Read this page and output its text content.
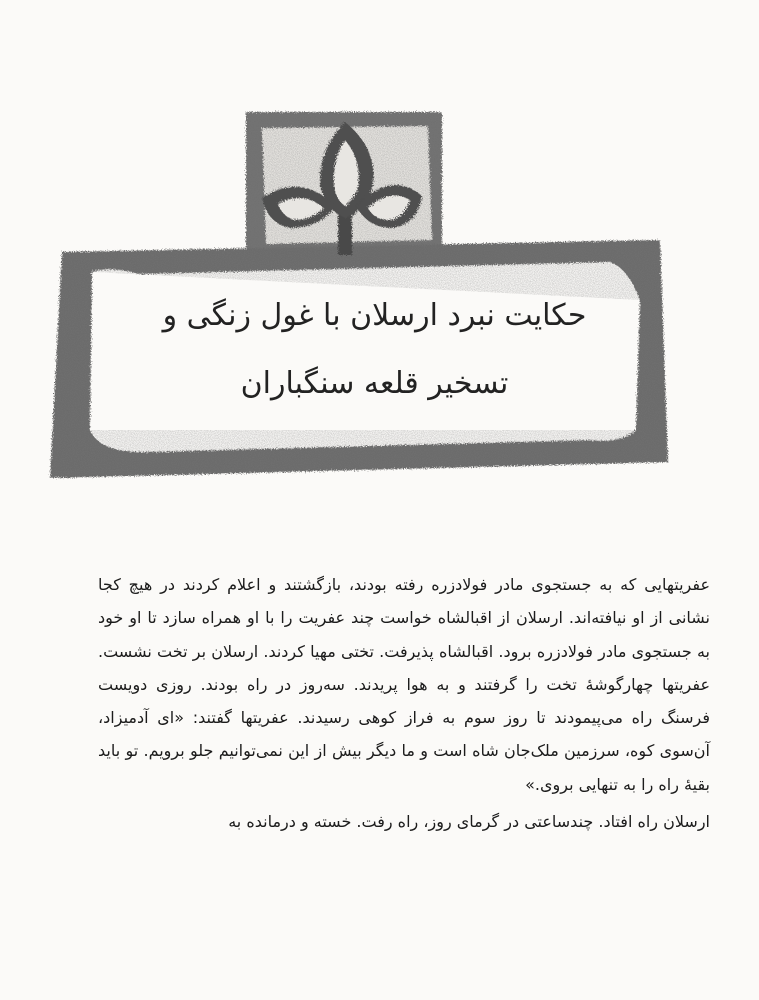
حکایت نبرد ارسلان با غول زنگی و
تسخیر قلعه سنگباران

عفریتهایی که به جستجوی مادر فولادزره رفته بودند، بازگشتند و اعلام کردند در هیچ کجا نشانی از او نیافته‌اند. ارسلان از اقبالشاه خواست چند عفریت را با او همراه سازد تا او خود به جستجوی مادر فولادزره برود. اقبالشاه پذیرفت. تختی مهیا کردند. ارسلان بر تخت نشست. عفریتها چهارگوشهٔ تخت را گرفتند و به هوا پریدند. سه‌روز در راه بودند. روزی دویست فرسنگ راه می‌پیمودند تا روز سوم به فراز کوهی رسیدند. عفریتها گفتند: «ای آدمیزاد، آن‌سوی کوه، سرزمین ملک‌جان شاه است و ما دیگر بیش از این نمی‌توانیم جلو برویم. تو باید بقیهٔ راه را به تنهایی بروی.»

ارسلان راه افتاد. چندساعتی در گرمای روز، راه رفت. خسته و درمانده به
